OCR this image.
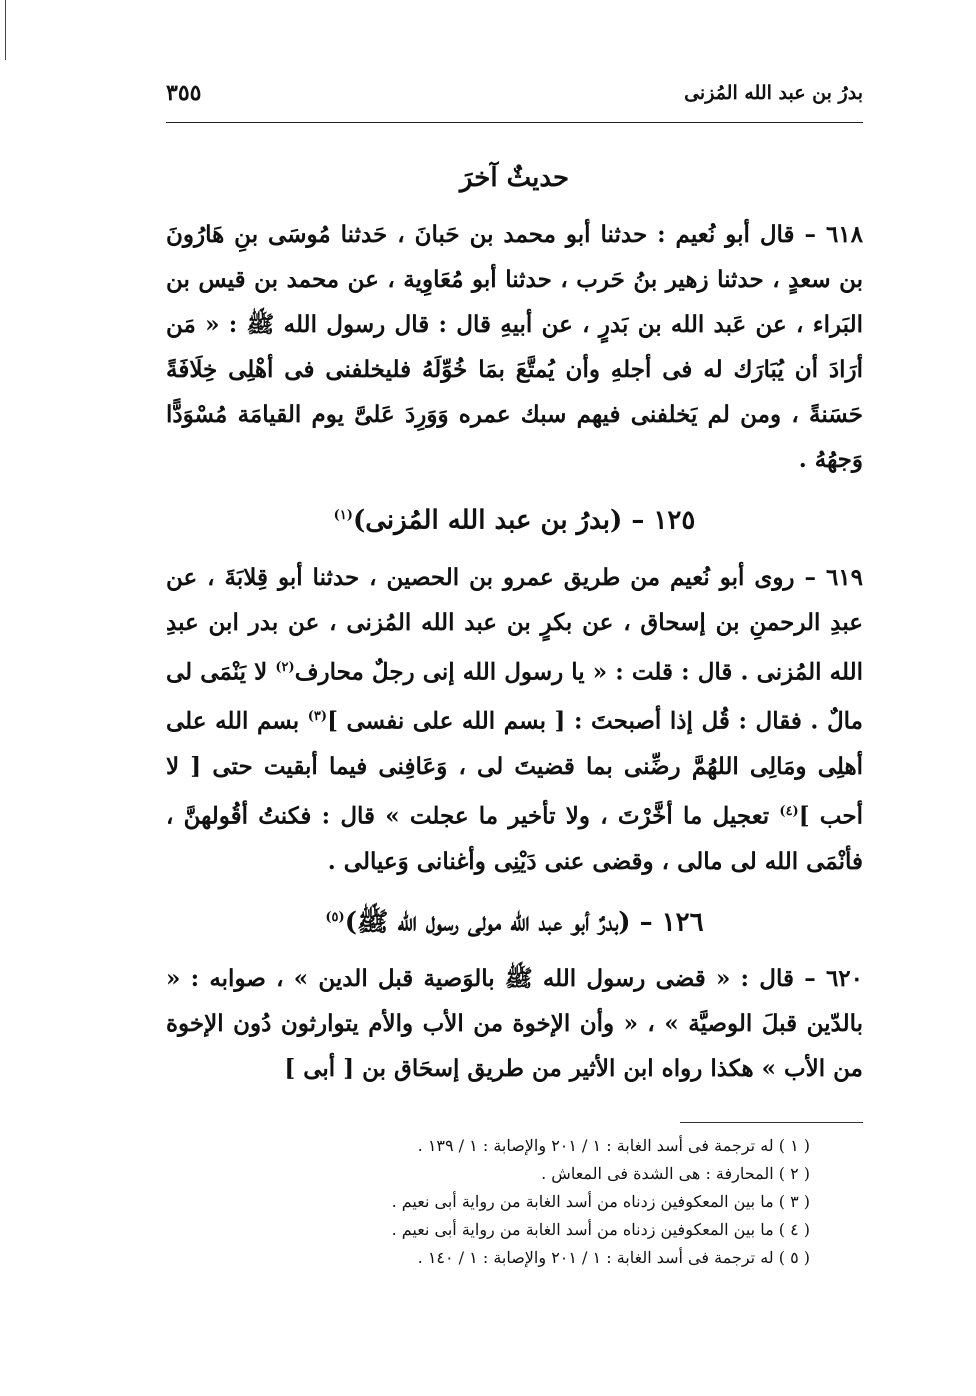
بدرُ بن عبد الله المُزنى
٣٥٥

حديثٌ آخرَ

٦١٨ – قال أبو نُعيم : حدثنا أبو محمد بن حَبانَ ، حَدثنا مُوسَى بنِ هَارُونَ بن سعدٍ ، حدثنا زهير بنُ حَرب ، حدثنا أبو مُعَاوِية ، عن محمد بن قيس بن البَراء ، عن عَبد الله بن بَدرٍ ، عن أبيهِ قال : قال رسول الله ﷺ : « مَن أرَادَ أن يُبَارَك له فى أجلهِ وأن يُمتَّعَ بمَا خُوِّلَهُ فليخلفنى فى أهْلِى خِلَافَةً حَسَنةً ، ومن لم يَخلفنى فيهم سبك عمره وَوَرِدَ عَلىَّ يوم القيامَة مُسْوَدًّا وَجهُهُ .

١٢٥ – (بدرُ بن عبد الله المُزنى)$^{(١)}$

٦١٩ – روى أبو نُعيم من طريق عمرو بن الحصين ، حدثنا أبو قِلابَةَ ، عن عبدِ الرحمنِ بن إسحاق ، عن بكرٍ بن عبد الله المُزنى ، عن بدر ابن عبدِ الله المُزنى . قال : قلت : « يا رسول الله إنى رجلٌ محارف$^{(٢)}$ لا يَنْمَى لى مالٌ . فقال : قُل إذا أصبحتَ : [ بسم الله على نفسى ]$^{(٣)}$ بسم الله على أهلِى ومَالِى اللهُمَّ رضِّنى بما قضيتَ لى ، وَعَافِنى فيما أبقيت حتى [ لا أحب ]$^{(٤)}$ تعجيل ما أخَّرْتَ ، ولا تأخير ما عجلت » قال : فكنتُ أقُولهنَّ ، فأنْمَى الله لى مالى ، وقضى عنى دَيْنِى وأغنانى وَعيالى .

١٢٦ – (بدرٌ أبو عبد الله مولى رسول الله ﷺ)$^{(٥)}$

٦٢٠ – قال : « قضى رسول الله ﷺ بالوَصية قبل الدين » ، صوابه : « بالدّين قبلَ الوصيَّة » ، « وأن الإخوة من الأب والأم يتوارثون دُون الإخوة من الأب » هكذا رواه ابن الأثير من طريق إسحَاق بن [ أبى ]

( ١ ) له ترجمة فى أسد الغابة : ١ / ٢٠١ والإصابة : ١ / ١٣٩ .

( ٢ ) المحارفة : هى الشدة فى المعاش .

( ٣ ) ما بين المعكوفين زدناه من أسد الغابة من رواية أبى نعيم .

( ٤ ) ما بين المعكوفين زدناه من أسد الغابة من رواية أبى نعيم .

( ٥ ) له ترجمة فى أسد الغابة : ١ / ٢٠١ والإصابة : ١ / ١٤٠ .
